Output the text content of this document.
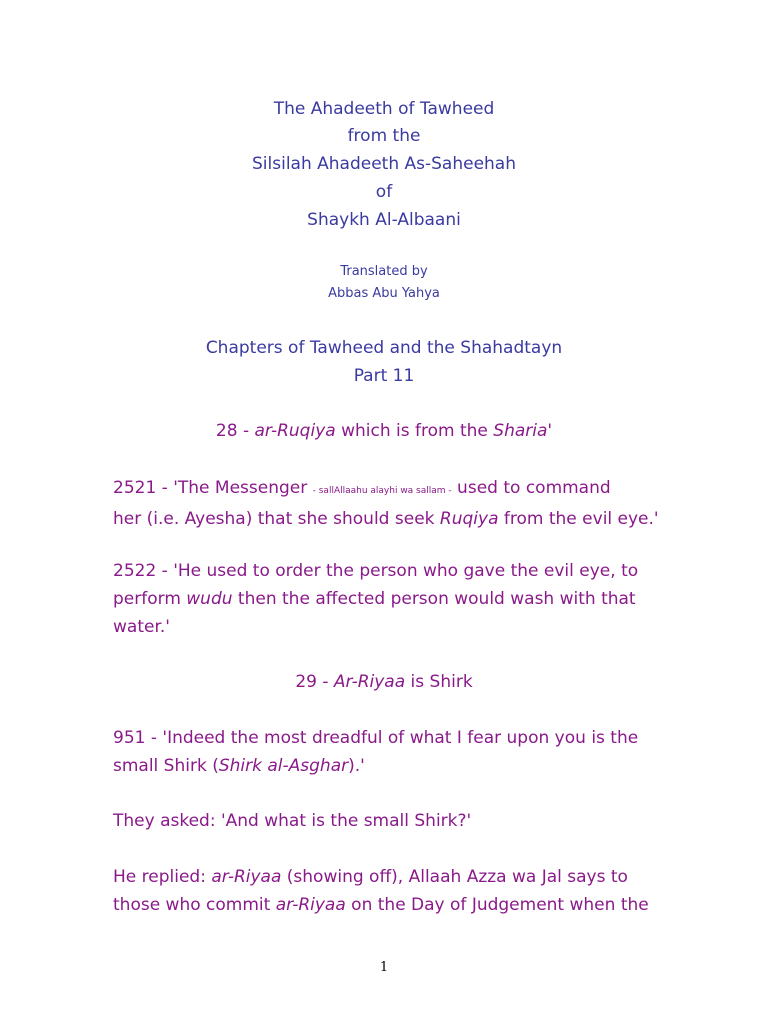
The Ahadeeth of Tawheed
from the
Silsilah Ahadeeth As-Saheehah
of
Shaykh Al-Albaani
Translated by
Abbas Abu Yahya
Chapters of Tawheed and the Shahadtayn
Part 11
28 - ar-Ruqiya which is from the Sharia'
2521 - 'The Messenger - sallAllaahu alayhi wa sallam - used to command
her (i.e. Ayesha) that she should seek Ruqiya from the evil eye.'
2522 - 'He used to order the person who gave the evil eye, to
perform wudu then the affected person would wash with that
water.'
29 - Ar-Riyaa is Shirk
951 - 'Indeed the most dreadful of what I fear upon you is the
small Shirk (Shirk al-Asghar).'
They asked: 'And what is the small Shirk?'
He replied: ar-Riyaa (showing off), Allaah Azza wa Jal says to
those who commit ar-Riyaa on the Day of Judgement when the
1
